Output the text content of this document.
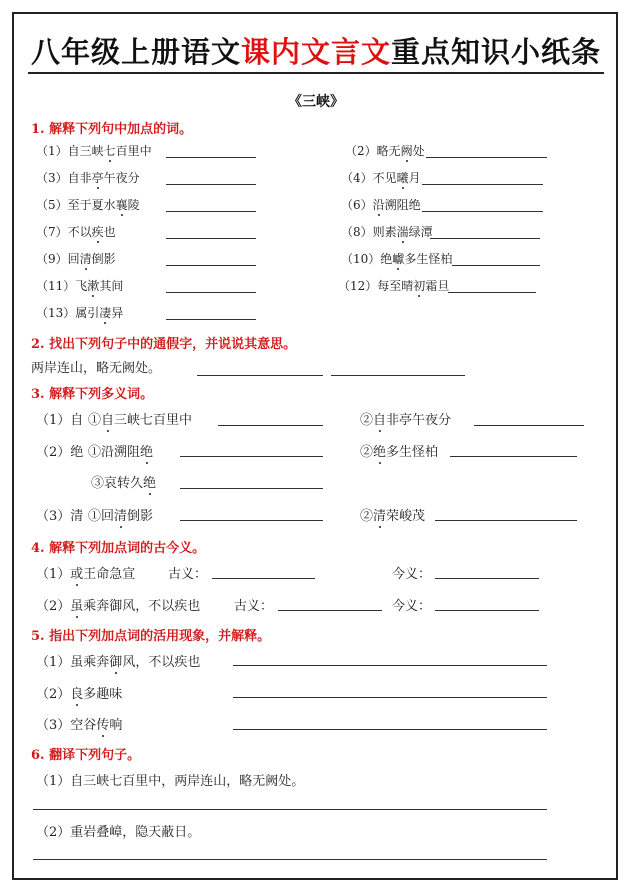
八年级上册语文课内文言文重点知识小纸条
《三峡》
1. 解释下列句中加点的词。
（1）自三峡七百里中	（2）略无阙处
（3）自非亭午夜分	（4）不见曦月
（5）至于夏水襄陵	（6）沿溯阻绝
（7）不以疾也	（8）则素湍绿潭
（9）回清倒影	（10）绝巘多生怪柏
（11）飞漱其间	（12）每至晴初霜旦
（13）属引凄异
2. 找出下列句子中的通假字，并说说其意思。
两岸连山，略无阙处。
3. 解释下列多义词。
（1）自 ①自三峡七百里中	②自非亭午夜分
（2）绝 ①沿溯阻绝	②绝多生怪柏
③哀转久绝
（3）清 ①回清倒影	②清荣峻茂
4. 解释下列加点词的古今义。
（1）或王命急宣	古义：	今义：
（2）虽乘奔御风，不以疾也	古义：	今义：
5. 指出下列加点词的活用现象，并解释。
（1）虽乘奔御风，不以疾也
（2）良多趣味
（3）空谷传响
6. 翻译下列句子。
（1）自三峡七百里中，两岸连山，略无阙处。
（2）重岩叠嶂，隐天蔽日。
